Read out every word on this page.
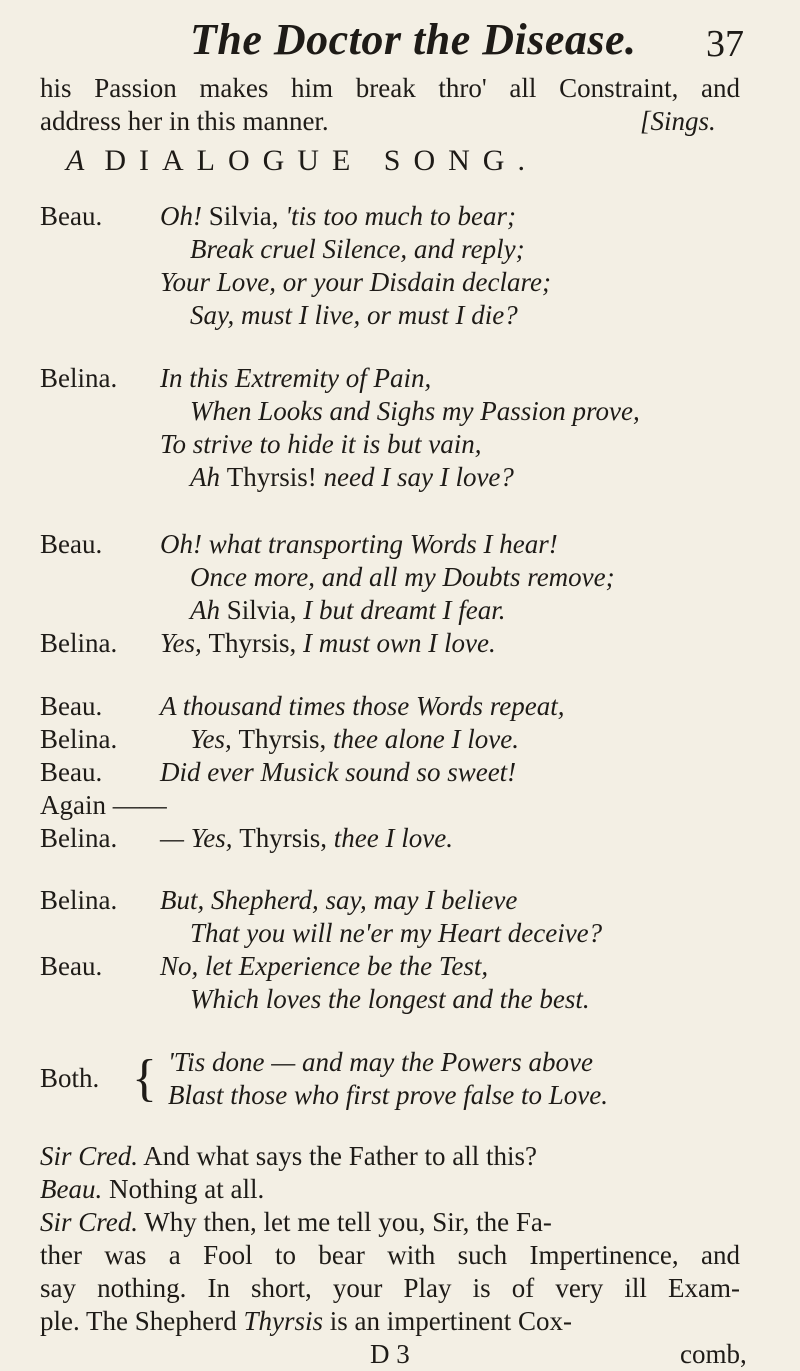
The Doctor the Disease. 37
his Passion makes him break thro' all Constraint, and
address her in this manner.	[Sings.
A DIALOGUE SONG.
Beau. Oh! Silvia, 'tis too much to bear;
Break cruel Silence, and reply;
Your Love, or your Disdain declare;
Say, must I live, or must I die?
Belina. In this Extremity of Pain,
When Looks and Sighs my Passion prove,
To strive to hide it is but vain,
Ah Thyrsis! need I say I love?
Beau. Oh! what transporting Words I hear!
Once more, and all my Doubts remove;
Ah Silvia, I but dreamt I fear.
Belina. Yes, Thyrsis, I must own I love.
Beau. A thousand times those Words repeat,
Belina.	Yes, Thyrsis, thee alone I love.
Beau. Did ever Musick sound so sweet!
Again ——
Belina. — Yes, Thyrsis, thee I love.
Belina. But, Shepherd, say, may I believe
That you will ne'er my Heart deceive?
Beau. No, let Experience be the Test,
Which loves the longest and the best.
Both. { 'Tis done — and may the Powers above
Blast those who first prove false to Love.
Sir Cred. And what says the Father to all this?
Beau. Nothing at all.
Sir Cred. Why then, let me tell you, Sir, the Fa-
ther was a Fool to bear with such Impertinence, and
say nothing. In short, your Play is of very ill Exam-
ple. The Shepherd Thyrsis is an impertinent Cox-
D 3	comb,
